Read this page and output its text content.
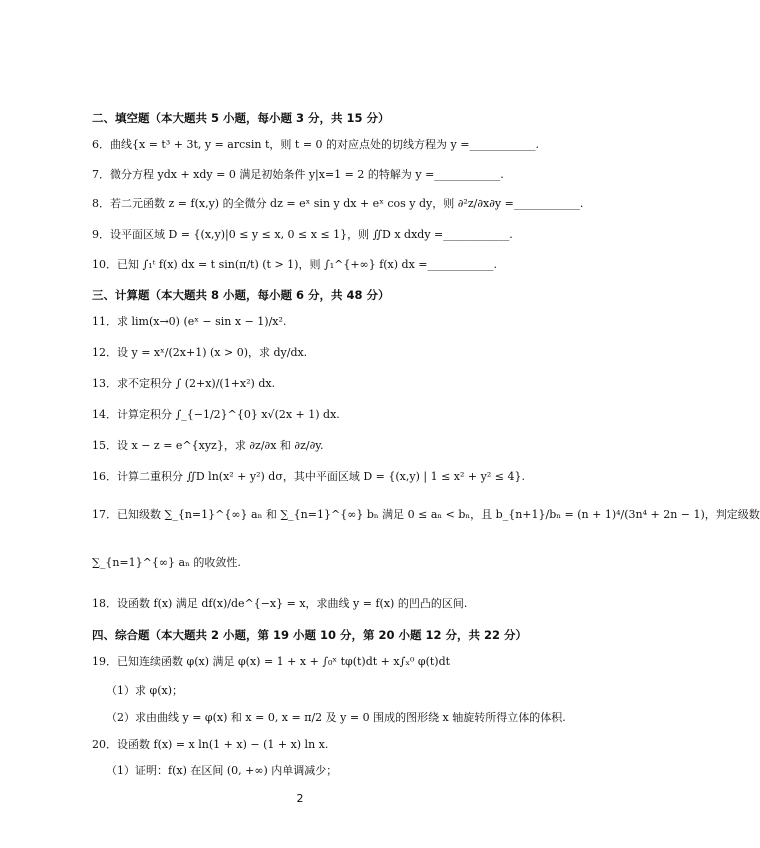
二、填空题（本大题共 5 小题，每小题 3 分，共 15 分）
6．曲线{x = t³ + 3t, y = arcsin t，则 t = 0 的对应点处的切线方程为 y =____________.
7．微分方程 ydx + xdy = 0 满足初始条件 y|x=1 = 2 的特解为 y =____________.
8．若二元函数 z = f(x,y) 的全微分 dz = eˣ sin y dx + eˣ cos y dy，则 ∂²z/∂x∂y =____________.
9．设平面区域 D = {(x,y)|0 ≤ y ≤ x, 0 ≤ x ≤ 1}，则 ∬D x dxdy =____________.
10．已知 ∫₁ᵗ f(x) dx = t sin(π/t) (t > 1)，则 ∫₁^{+∞} f(x) dx =____________.
三、计算题（本大题共 8 小题，每小题 6 分，共 48 分）
11．求 lim(x→0) (eˣ − sin x − 1)/x².
12．设 y = xˣ/(2x+1) (x > 0)，求 dy/dx.
13．求不定积分 ∫ (2+x)/(1+x²) dx.
14．计算定积分 ∫_{−1/2}^{0} x√(2x + 1) dx.
15．设 x − z = e^{xyz}，求 ∂z/∂x 和 ∂z/∂y.
16．计算二重积分 ∬D ln(x² + y²) dσ，其中平面区域 D = {(x,y) | 1 ≤ x² + y² ≤ 4}.
17．已知级数 ∑_{n=1}^{∞} aₙ 和 ∑_{n=1}^{∞} bₙ 满足 0 ≤ aₙ < bₙ，且 b_{n+1}/bₙ = (n + 1)⁴/(3n⁴ + 2n − 1)，判定级数
∑_{n=1}^{∞} aₙ 的收敛性.
18．设函数 f(x) 满足 df(x)/de^{−x} = x，求曲线 y = f(x) 的凹凸的区间.
四、综合题（本大题共 2 小题，第 19 小题 10 分，第 20 小题 12 分，共 22 分）
19．已知连续函数 φ(x) 满足 φ(x) = 1 + x + ∫₀ˣ tφ(t)dt + x∫ₓ⁰ φ(t)dt
（1）求 φ(x)；
（2）求由曲线 y = φ(x) 和 x = 0, x = π/2 及 y = 0 围成的图形绕 x 轴旋转所得立体的体积.
20．设函数 f(x) = x ln(1 + x) − (1 + x) ln x.
（1）证明：f(x) 在区间 (0, +∞) 内单调减少；
2
